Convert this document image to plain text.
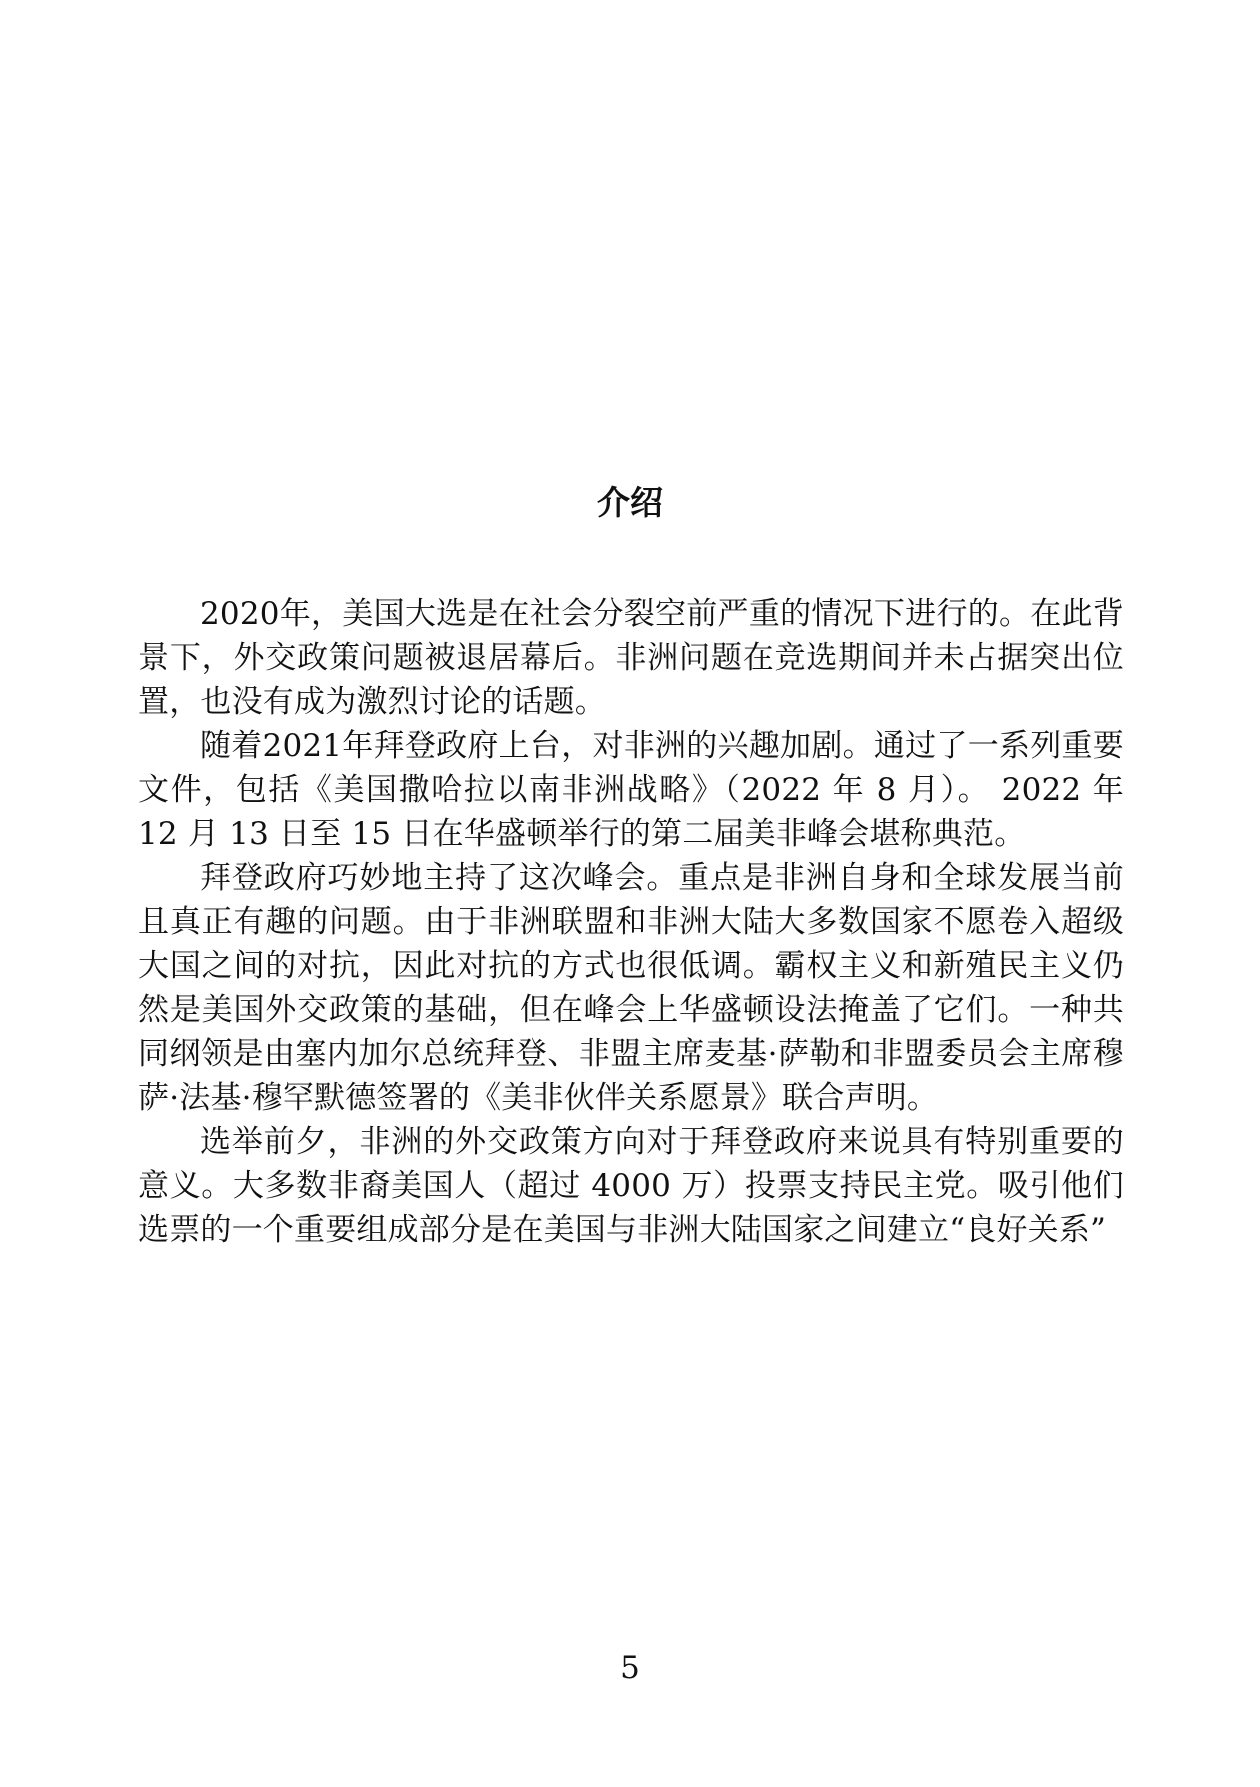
介绍

2020年，美国大选是在社会分裂空前严重的情况下进行的。在此背景下，外交政策问题被退居幕后。非洲问题在竞选期间并未占据突出位置，也没有成为激烈讨论的话题。

随着2021年拜登政府上台，对非洲的兴趣加剧。通过了一系列重要文件，包括《美国撒哈拉以南非洲战略》（2022 年 8 月）。 2022 年 12 月 13 日至 15 日在华盛顿举行的第二届美非峰会堪称典范。

拜登政府巧妙地主持了这次峰会。重点是非洲自身和全球发展当前且真正有趣的问题。由于非洲联盟和非洲大陆大多数国家不愿卷入超级大国之间的对抗，因此对抗的方式也很低调。霸权主义和新殖民主义仍然是美国外交政策的基础，但在峰会上华盛顿设法掩盖了它们。一种共同纲领是由塞内加尔总统拜登、非盟主席麦基·萨勒和非盟委员会主席穆萨·法基·穆罕默德签署的《美非伙伴关系愿景》联合声明。

选举前夕，非洲的外交政策方向对于拜登政府来说具有特别重要的意义。大多数非裔美国人（超过 4000 万）投票支持民主党。吸引他们选票的一个重要组成部分是在美国与非洲大陆国家之间建立“良好关系”

5
